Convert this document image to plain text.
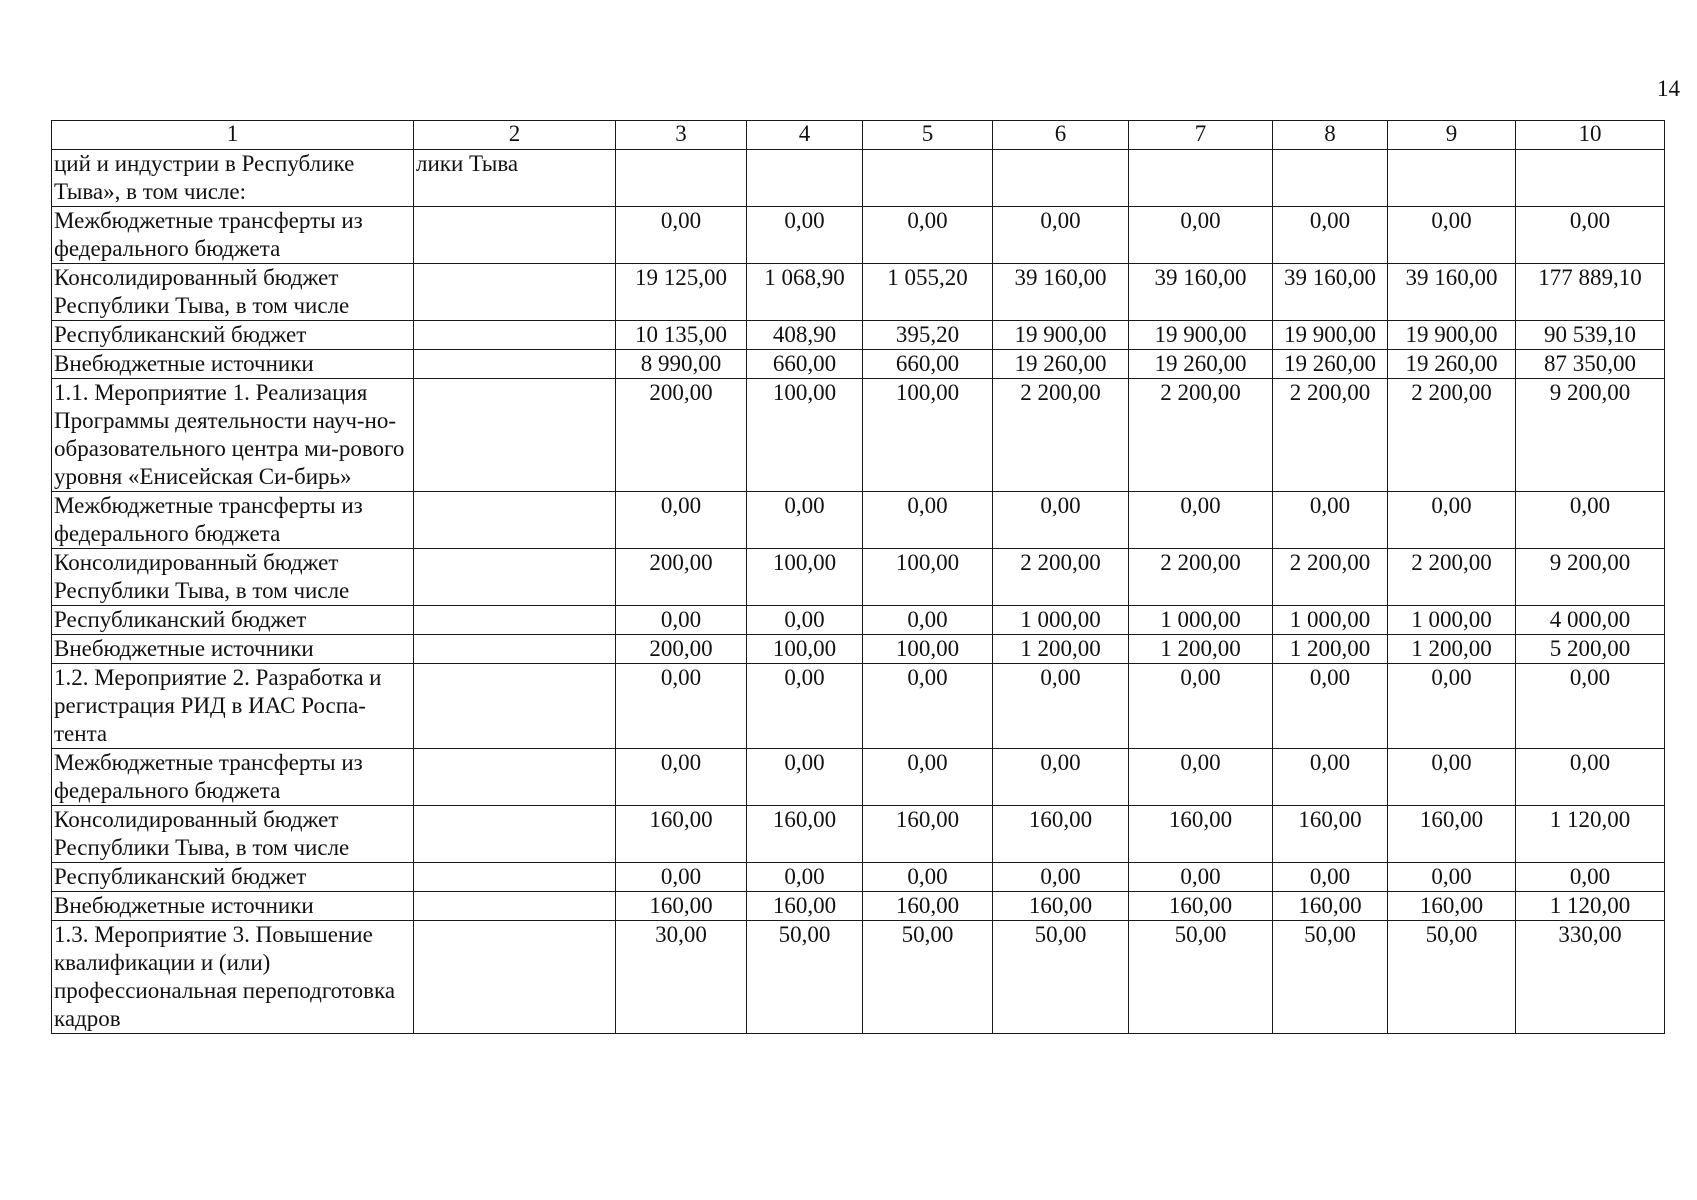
14
1	2	3	4	5	6	7	8	9	10
ций и индустрии в Республике Тыва», в том числе:	лики Тыва								
Межбюджетные трансферты из федерального бюджета		0,00	0,00	0,00	0,00	0,00	0,00	0,00	0,00
Консолидированный бюджет Республики Тыва, в том числе		19 125,00	1 068,90	1 055,20	39 160,00	39 160,00	39 160,00	39 160,00	177 889,10
Республиканский бюджет		10 135,00	408,90	395,20	19 900,00	19 900,00	19 900,00	19 900,00	90 539,10
Внебюджетные источники		8 990,00	660,00	660,00	19 260,00	19 260,00	19 260,00	19 260,00	87 350,00
1.1. Мероприятие 1. Реализация Программы деятельности науч-но-образовательного центра ми-рового уровня «Енисейская Си-бирь»		200,00	100,00	100,00	2 200,00	2 200,00	2 200,00	2 200,00	9 200,00
Межбюджетные трансферты из федерального бюджета		0,00	0,00	0,00	0,00	0,00	0,00	0,00	0,00
Консолидированный бюджет Республики Тыва, в том числе		200,00	100,00	100,00	2 200,00	2 200,00	2 200,00	2 200,00	9 200,00
Республиканский бюджет		0,00	0,00	0,00	1 000,00	1 000,00	1 000,00	1 000,00	4 000,00
Внебюджетные источники		200,00	100,00	100,00	1 200,00	1 200,00	1 200,00	1 200,00	5 200,00
1.2. Мероприятие 2. Разработка и регистрация РИД в ИАС Роспа-тента		0,00	0,00	0,00	0,00	0,00	0,00	0,00	0,00
Межбюджетные трансферты из федерального бюджета		0,00	0,00	0,00	0,00	0,00	0,00	0,00	0,00
Консолидированный бюджет Республики Тыва, в том числе		160,00	160,00	160,00	160,00	160,00	160,00	160,00	1 120,00
Республиканский бюджет		0,00	0,00	0,00	0,00	0,00	0,00	0,00	0,00
Внебюджетные источники		160,00	160,00	160,00	160,00	160,00	160,00	160,00	1 120,00
1.3. Мероприятие 3. Повышение квалификации и (или) профессиональная переподготовка кадров		30,00	50,00	50,00	50,00	50,00	50,00	50,00	330,00
